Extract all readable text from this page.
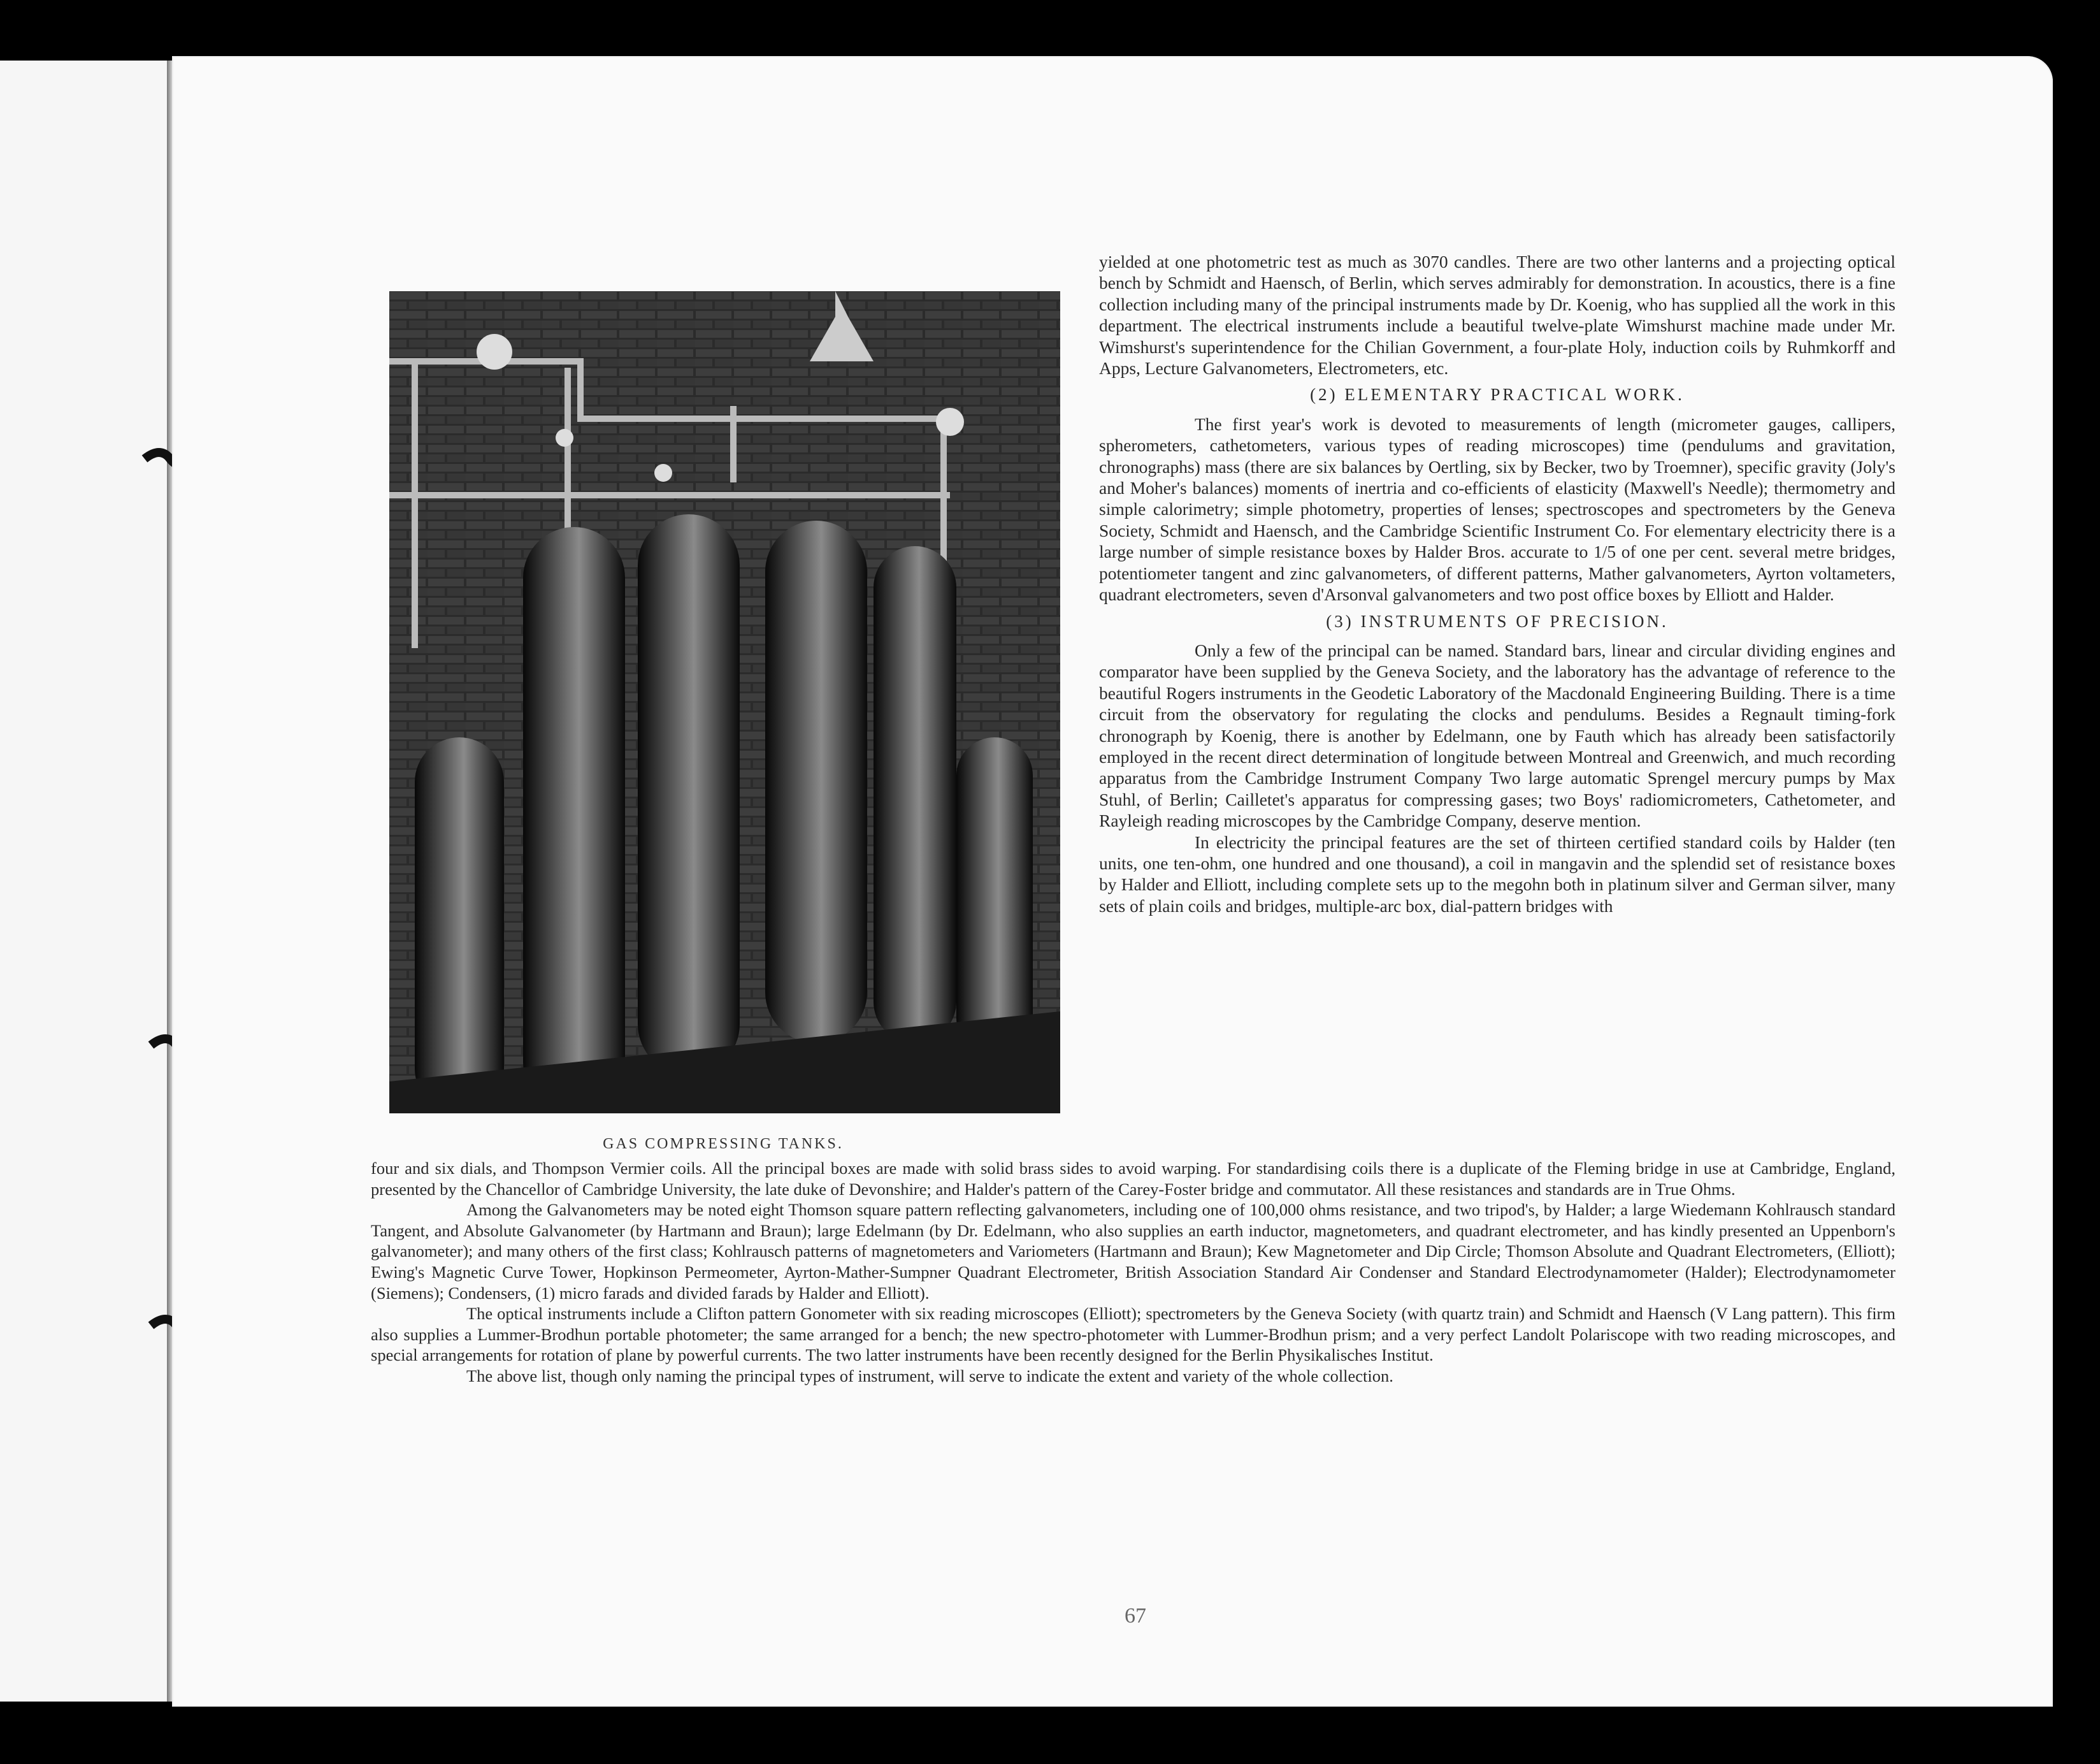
GAS COMPRESSING TANKS.

yielded at one photometric test as much as 3070 candles. There are two other lanterns and a projecting optical bench by Schmidt and Haensch, of Berlin, which serves admirably for demonstration. In acoustics, there is a fine collection including many of the principal instruments made by Dr. Koenig, who has supplied all the work in this department. The electrical instruments include a beautiful twelve-plate Wimshurst machine made under Mr. Wimshurst's superintendence for the Chilian Government, a four-plate Holy, induction coils by Ruhmkorff and Apps, Lecture Galvanometers, Electrometers, etc.

(2) ELEMENTARY PRACTICAL WORK.

The first year's work is devoted to measurements of length (micrometer gauges, callipers, spherometers, cathetometers, various types of reading microscopes) time (pendulums and gravitation, chronographs) mass (there are six balances by Oertling, six by Becker, two by Troemner), specific gravity (Joly's and Moher's balances) moments of inertria and co-efficients of elasticity (Maxwell's Needle); thermometry and simple calorimetry; simple photometry, properties of lenses; spectroscopes and spectrometers by the Geneva Society, Schmidt and Haensch, and the Cambridge Scientific Instrument Co. For elementary electricity there is a large number of simple resistance boxes by Halder Bros. accurate to 1/5 of one per cent. several metre bridges, potentiometer tangent and zinc galvanometers, of different patterns, Mather galvanometers, Ayrton voltameters, quadrant electrometers, seven d'Arsonval galvanometers and two post office boxes by Elliott and Halder.

(3) INSTRUMENTS OF PRECISION.

Only a few of the principal can be named. Standard bars, linear and circular dividing engines and comparator have been supplied by the Geneva Society, and the laboratory has the advantage of reference to the beautiful Rogers instruments in the Geodetic Laboratory of the Macdonald Engineering Building. There is a time circuit from the observatory for regulating the clocks and pendulums. Besides a Regnault timing-fork chronograph by Koenig, there is another by Edelmann, one by Fauth which has already been satisfactorily employed in the recent direct determination of longitude between Montreal and Greenwich, and much recording apparatus from the Cambridge Instrument Company Two large automatic Sprengel mercury pumps by Max Stuhl, of Berlin; Cailletet's apparatus for compressing gases; two Boys' radiomicrometers, Cathetometer, and Rayleigh reading microscopes by the Cambridge Company, deserve mention.

In electricity the principal features are the set of thirteen certified standard coils by Halder (ten units, one ten-ohm, one hundred and one thousand), a coil in mangavin and the splendid set of resistance boxes by Halder and Elliott, including complete sets up to the megohn both in platinum silver and German silver, many sets of plain coils and bridges, multiple-arc box, dial-pattern bridges with

four and six dials, and Thompson Vermier coils. All the principal boxes are made with solid brass sides to avoid warping. For standardising coils there is a duplicate of the Fleming bridge in use at Cambridge, England, presented by the Chancellor of Cambridge University, the late duke of Devonshire; and Halder's pattern of the Carey-Foster bridge and commutator. All these resistances and standards are in True Ohms.

Among the Galvanometers may be noted eight Thomson square pattern reflecting galvanometers, including one of 100,000 ohms resistance, and two tripod's, by Halder; a large Wiedemann Kohlrausch standard Tangent, and Absolute Galvanometer (by Hartmann and Braun); large Edelmann (by Dr. Edelmann, who also supplies an earth inductor, magnetometers, and quadrant electrometer, and has kindly presented an Uppenborn's galvanometer); and many others of the first class; Kohlrausch patterns of magnetometers and Variometers (Hartmann and Braun); Kew Magnetometer and Dip Circle; Thomson Absolute and Quadrant Electrometers, (Elliott); Ewing's Magnetic Curve Tower, Hopkinson Permeometer, Ayrton-Mather-Sumpner Quadrant Electrometer, British Association Standard Air Condenser and Standard Electrodynamometer (Halder); Electrodynamometer (Siemens); Condensers, (1) micro farads and divided farads by Halder and Elliott).

The optical instruments include a Clifton pattern Gonometer with six reading microscopes (Elliott); spectrometers by the Geneva Society (with quartz train) and Schmidt and Haensch (V Lang pattern). This firm also supplies a Lummer-Brodhun portable photometer; the same arranged for a bench; the new spectro-photometer with Lummer-Brodhun prism; and a very perfect Landolt Polariscope with two reading microscopes, and special arrangements for rotation of plane by powerful currents. The two latter instruments have been recently designed for the Berlin Physikalisches Institut.

The above list, though only naming the principal types of instrument, will serve to indicate the extent and variety of the whole collection.

67
